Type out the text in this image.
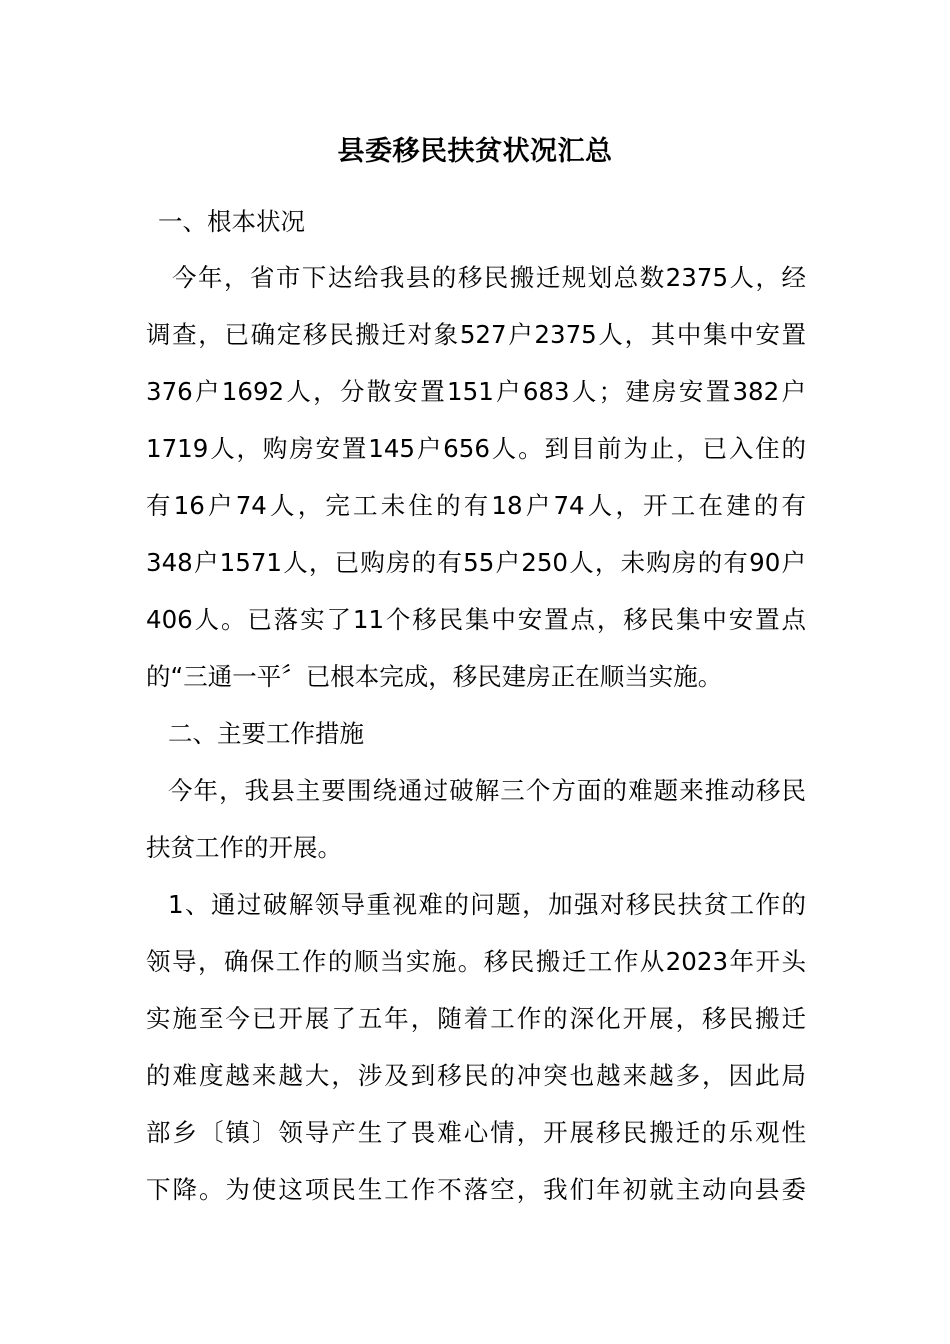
县委移民扶贫状况汇总
一、根本状况
今年，省市下达给我县的移民搬迁规划总数2375人，经
调查，已确定移民搬迁对象527户2375人，其中集中安置
376户1692人，分散安置151户683人；建房安置382户
1719人，购房安置145户656人。到目前为止，已入住的
有16户74人，完工未住的有18户74人，开工在建的有
348户1571人，已购房的有55户250人，未购房的有90户
406人。已落实了11个移民集中安置点，移民集中安置点
的“三通一平〞已根本完成，移民建房正在顺当实施。
二、主要工作措施
今年，我县主要围绕通过破解三个方面的难题来推动移民
扶贫工作的开展。
1、通过破解领导重视难的问题，加强对移民扶贫工作的
领导，确保工作的顺当实施。移民搬迁工作从2023年开头
实施至今已开展了五年，随着工作的深化开展，移民搬迁
的难度越来越大，涉及到移民的冲突也越来越多，因此局
部乡〔镇〕领导产生了畏难心情，开展移民搬迁的乐观性
下降。为使这项民生工作不落空，我们年初就主动向县委
